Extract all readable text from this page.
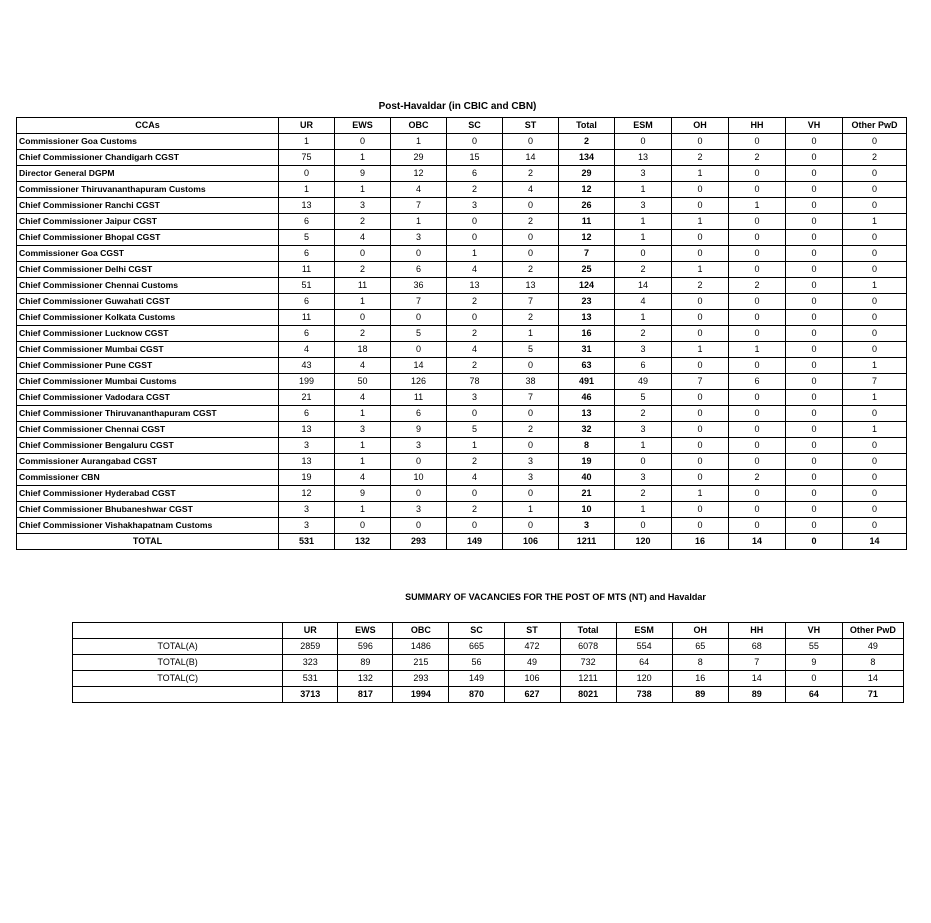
Post-Havaldar (in CBIC and CBN)
CCAs	UR	EWS	OBC	SC	ST	Total	ESM	OH	HH	VH	Other PwD
Commissioner Goa Customs	1	0	1	0	0	2	0	0	0	0	0
Chief Commissioner Chandigarh CGST	75	1	29	15	14	134	13	2	2	0	2
Director General DGPM	0	9	12	6	2	29	3	1	0	0	0
Commissioner Thiruvananthapuram Customs	1	1	4	2	4	12	1	0	0	0	0
Chief Commissioner Ranchi CGST	13	3	7	3	0	26	3	0	1	0	0
Chief Commissioner Jaipur CGST	6	2	1	0	2	11	1	1	0	0	1
Chief Commissioner Bhopal CGST	5	4	3	0	0	12	1	0	0	0	0
Commissioner Goa CGST	6	0	0	1	0	7	0	0	0	0	0
Chief Commissioner Delhi CGST	11	2	6	4	2	25	2	1	0	0	0
Chief Commissioner Chennai Customs	51	11	36	13	13	124	14	2	2	0	1
Chief Commissioner Guwahati CGST	6	1	7	2	7	23	4	0	0	0	0
Chief Commissioner Kolkata Customs	11	0	0	0	2	13	1	0	0	0	0
Chief Commissioner Lucknow CGST	6	2	5	2	1	16	2	0	0	0	0
Chief Commissioner Mumbai CGST	4	18	0	4	5	31	3	1	1	0	0
Chief Commissioner Pune CGST	43	4	14	2	0	63	6	0	0	0	1
Chief Commissioner Mumbai Customs	199	50	126	78	38	491	49	7	6	0	7
Chief Commissioner Vadodara CGST	21	4	11	3	7	46	5	0	0	0	1
Chief Commissioner Thiruvananthapuram CGST	6	1	6	0	0	13	2	0	0	0	0
Chief Commissioner Chennai CGST	13	3	9	5	2	32	3	0	0	0	1
Chief Commissioner Bengaluru CGST	3	1	3	1	0	8	1	0	0	0	0
Commissioner Aurangabad CGST	13	1	0	2	3	19	0	0	0	0	0
Commissioner CBN	19	4	10	4	3	40	3	0	2	0	0
Chief Commissioner Hyderabad CGST	12	9	0	0	0	21	2	1	0	0	0
Chief Commissioner Bhubaneshwar CGST	3	1	3	2	1	10	1	0	0	0	0
Chief Commissioner Vishakhapatnam Customs	3	0	0	0	0	3	0	0	0	0	0
TOTAL	531	132	293	149	106	1211	120	16	14	0	14
SUMMARY OF VACANCIES FOR THE POST OF MTS (NT) and Havaldar
	UR	EWS	OBC	SC	ST	Total	ESM	OH	HH	VH	Other PwD
TOTAL(A)	2859	596	1486	665	472	6078	554	65	68	55	49
TOTAL(B)	323	89	215	56	49	732	64	8	7	9	8
TOTAL(C)	531	132	293	149	106	1211	120	16	14	0	14
	3713	817	1994	870	627	8021	738	89	89	64	71
